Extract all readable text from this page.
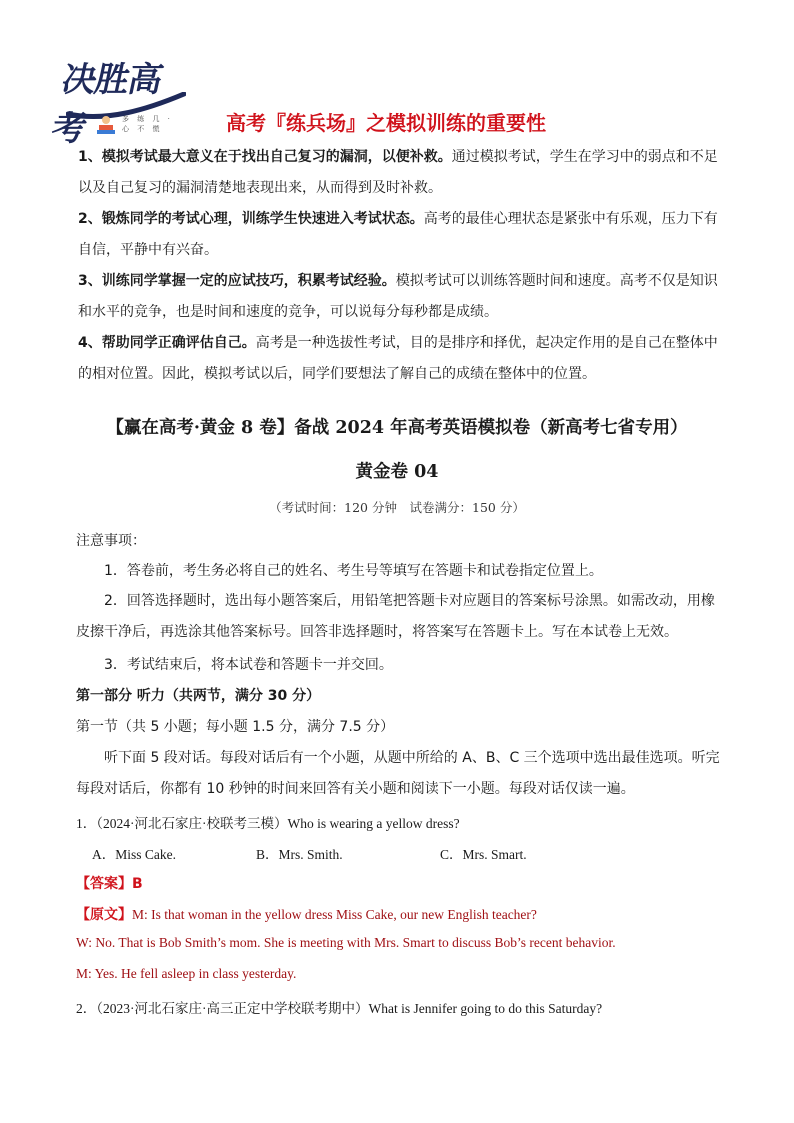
决胜高考	多 练 几 · 心 不 慌	高考『练兵场』之模拟训练的重要性
1、模拟考试最大意义在于找出自己复习的漏洞，以便补救。通过模拟考试，学生在学习中的弱点和不足以及自己复习的漏洞清楚地表现出来，从而得到及时补救。
2、锻炼同学的考试心理，训练学生快速进入考试状态。高考的最佳心理状态是紧张中有乐观，压力下有自信，平静中有兴奋。
3、训练同学掌握一定的应试技巧，积累考试经验。模拟考试可以训练答题时间和速度。高考不仅是知识和水平的竞争，也是时间和速度的竞争，可以说每分每秒都是成绩。
4、帮助同学正确评估自己。高考是一种选拔性考试，目的是排序和择优，起决定作用的是自己在整体中的相对位置。因此，模拟考试以后，同学们要想法了解自己的成绩在整体中的位置。
【赢在高考·黄金 8 卷】备战 2024 年高考英语模拟卷（新高考七省专用）
黄金卷 04
（考试时间：120 分钟　试卷满分：150 分）
注意事项：
1．答卷前，考生务必将自己的姓名、考生号等填写在答题卡和试卷指定位置上。
2．回答选择题时，选出每小题答案后，用铅笔把答题卡对应题目的答案标号涂黑。如需改动，用橡皮擦干净后，再选涂其他答案标号。回答非选择题时，将答案写在答题卡上。写在本试卷上无效。
3．考试结束后，将本试卷和答题卡一并交回。
第一部分 听力（共两节，满分 30 分）
第一节（共 5 小题；每小题 1.5 分，满分 7.5 分）
听下面 5 段对话。每段对话后有一个小题，从题中所给的 A、B、C 三个选项中选出最佳选项。听完每段对话后，你都有 10 秒钟的时间来回答有关小题和阅读下一小题。每段对话仅读一遍。
1．（2024·河北石家庄·校联考三模）Who is wearing a yellow dress?
A．Miss Cake.	B．Mrs. Smith.	C．Mrs. Smart.
【答案】B
【原文】M: Is that woman in the yellow dress Miss Cake, our new English teacher?
W: No. That is Bob Smith’s mom. She is meeting with Mrs. Smart to discuss Bob’s recent behavior.
M: Yes. He fell asleep in class yesterday.
2．（2023·河北石家庄·高三正定中学校联考期中）What is Jennifer going to do this Saturday?
